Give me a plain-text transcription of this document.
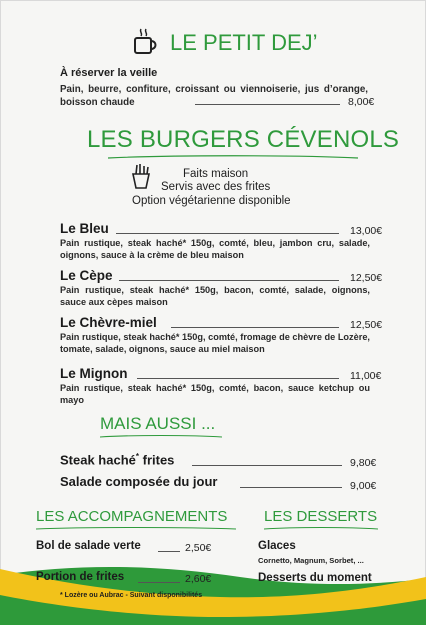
LE PETIT DEJ’
À réserver la veille
Pain, beurre, confiture, croissant ou viennoiserie, jus d’orange, boisson chaude	8,00€
LES BURGERS CÉVENOLS
Faits maison
Servis avec des frites
Option végétarienne disponible
Le Bleu	13,00€
Pain rustique, steak haché* 150g, comté, bleu, jambon cru, salade, oignons, sauce à la crème de bleu maison
Le Cèpe	12,50€
Pain rustique, steak haché* 150g, bacon, comté, salade, oignons, sauce aux cèpes maison
Le Chèvre-miel	12,50€
Pain rustique, steak haché* 150g, comté, fromage de chèvre de Lozère, tomate, salade, oignons, sauce au miel maison
Le Mignon	11,00€
Pain rustique, steak haché* 150g, comté, bacon, sauce ketchup ou mayo
MAIS AUSSI ...
Steak haché* frites	9,80€
Salade composée du jour	9,00€
LES ACCOMPAGNEMENTS
Bol de salade verte	2,50€
Portion de frites	2,60€
* Lozère ou Aubrac - Suivant disponibilités
LES DESSERTS
Glaces
Cornetto, Magnum, Sorbet, ...
Desserts du moment
